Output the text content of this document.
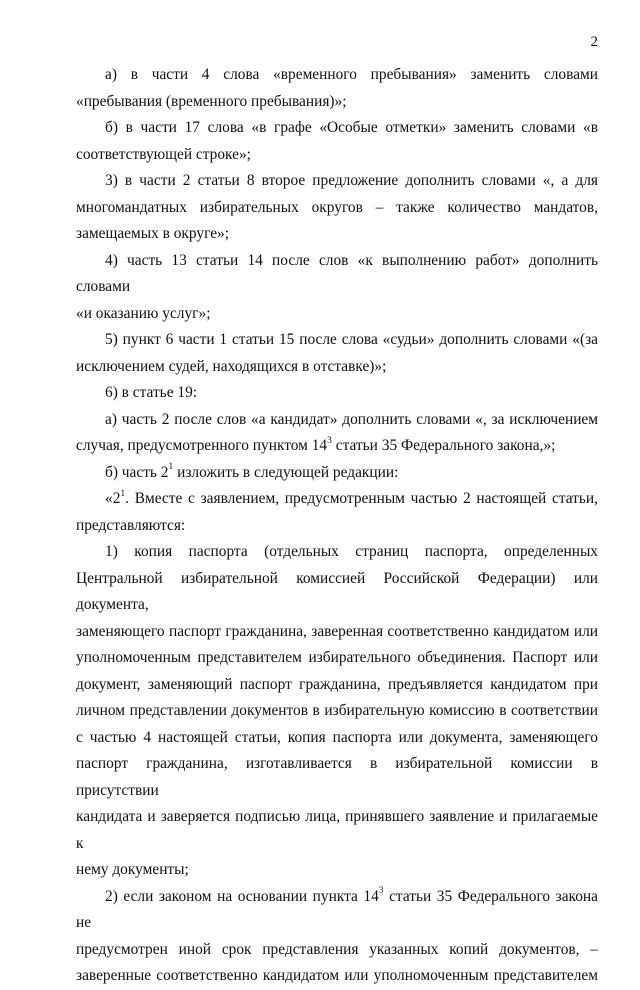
2
а) в части 4 слова «временного пребывания» заменить словами
«пребывания (временного пребывания)»;
б) в части 17 слова «в графе «Особые отметки» заменить словами «в
соответствующей строке»;
3) в части 2 статьи 8 второе предложение дополнить словами «, а для
многомандатных избирательных округов – также количество мандатов,
замещаемых в округе»;
4) часть 13 статьи 14 после слов «к выполнению работ» дополнить словами
«и оказанию услуг»;
5) пункт 6 части 1 статьи 15 после слова «судьи» дополнить словами «(за
исключением судей, находящихся в отставке)»;
6) в статье 19:
а) часть 2 после слов «а кандидат» дополнить словами «, за исключением
случая, предусмотренного пунктом $14^3$ статьи 35 Федерального закона,»;
б) часть $2^1$ изложить в следующей редакции:
«$2^1$. Вместе с заявлением, предусмотренным частью 2 настоящей статьи,
представляются:
1) копия паспорта (отдельных страниц паспорта, определенных
Центральной избирательной комиссией Российской Федерации) или документа,
заменяющего паспорт гражданина, заверенная соответственно кандидатом или
уполномоченным представителем избирательного объединения. Паспорт или
документ, заменяющий паспорт гражданина, предъявляется кандидатом при
личном представлении документов в избирательную комиссию в соответствии
с частью 4 настоящей статьи, копия паспорта или документа, заменяющего
паспорт гражданина, изготавливается в избирательной комиссии в присутствии
кандидата и заверяется подписью лица, принявшего заявление и прилагаемые к
нему документы;
2) если законом на основании пункта $14^3$ статьи 35 Федерального закона не
предусмотрен иной срок представления указанных копий документов, –
заверенные соответственно кандидатом или уполномоченным представителем
